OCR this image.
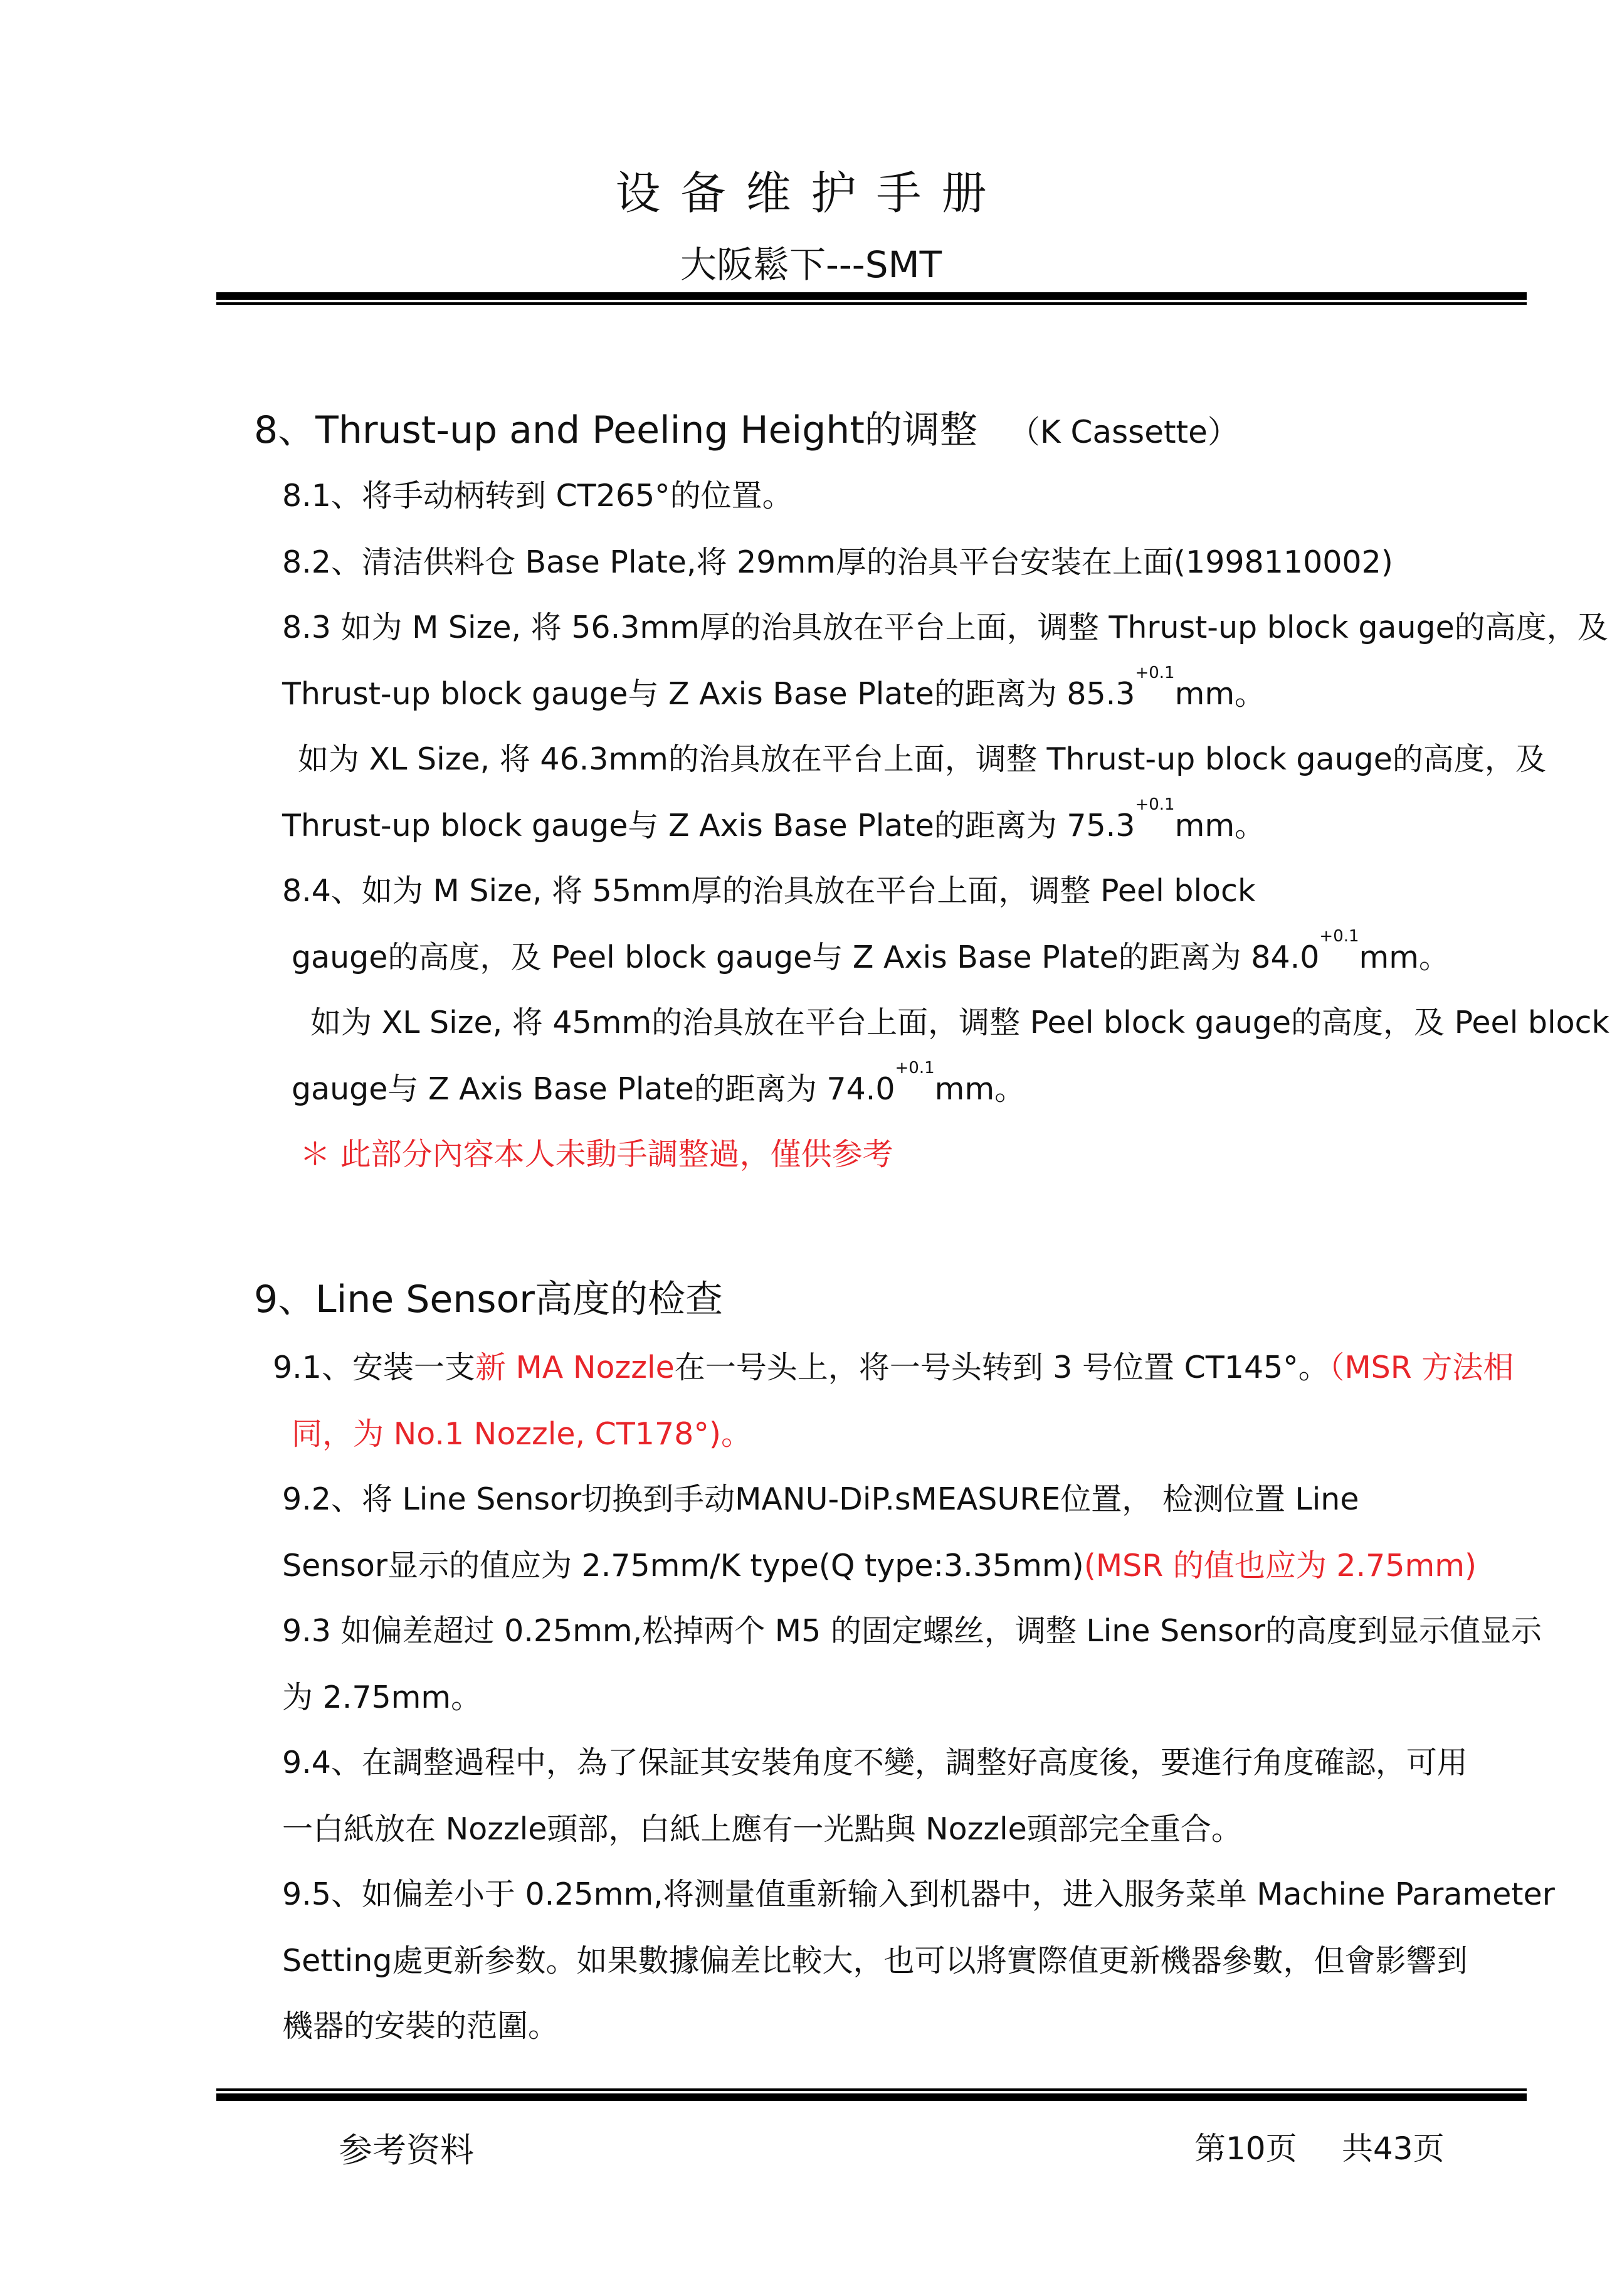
设备维护手册
大阪鬆下---SMT
8、Thrust-up and Peeling Height的调整 （K Cassette）
8.1、将手动柄转到 CT265°的位置。
8.2、清洁供料仓 Base Plate,将 29mm厚的治具平台安装在上面(1998110002)
8.3 如为 M Size, 将 56.3mm厚的治具放在平台上面，调整 Thrust-up block gauge的高度，及
Thrust-up block gauge与 Z Axis Base Plate的距离为 $85.3^{+0.1}mm$。
如为 XL Size, 将 46.3mm的治具放在平台上面，调整 Thrust-up block gauge的高度，及
Thrust-up block gauge与 Z Axis Base Plate的距离为 $75.3^{+0.1}mm$。
8.4、如为 M Size, 将 55mm厚的治具放在平台上面，调整 Peel block
gauge的高度，及 Peel block gauge与 Z Axis Base Plate的距离为 $84.0^{+0.1}mm$。
如为 XL Size, 将 45mm的治具放在平台上面，调整 Peel block gauge的高度，及 Peel block
gauge与 Z Axis Base Plate的距离为 $74.0^{+0.1}mm$。
＊ 此部分內容本人未動手調整過，僅供参考
9、Line Sensor高度的检查
9.1、安装一支新 MA Nozzle在一号头上，将一号头转到 3 号位置 CT145°。（MSR 方法相
同，为 No.1 Nozzle, CT178°)。
9.2、将 Line Sensor切换到手动MANU-DiP.sMEASURE位置， 检测位置 Line
Sensor显示的值应为 2.75mm/K type(Q type:3.35mm)(MSR 的值也应为 2.75mm)
9.3 如偏差超过 0.25mm,松掉两个 M5 的固定螺丝，调整 Line Sensor的高度到显示值显示
为 2.75mm。
9.4、在調整過程中，為了保証其安裝角度不變，調整好高度後，要進行角度確認，可用
一白紙放在 Nozzle頭部，白紙上應有一光點與 Nozzle頭部完全重合。
9.5、如偏差小于 0.25mm,将测量值重新输入到机器中，进入服务菜单 Machine Parameter
Setting處更新参数。如果數據偏差比較大，也可以將實際值更新機器參數，但會影響到
機器的安裝的范圍。
参考资料	第10页 共43页
